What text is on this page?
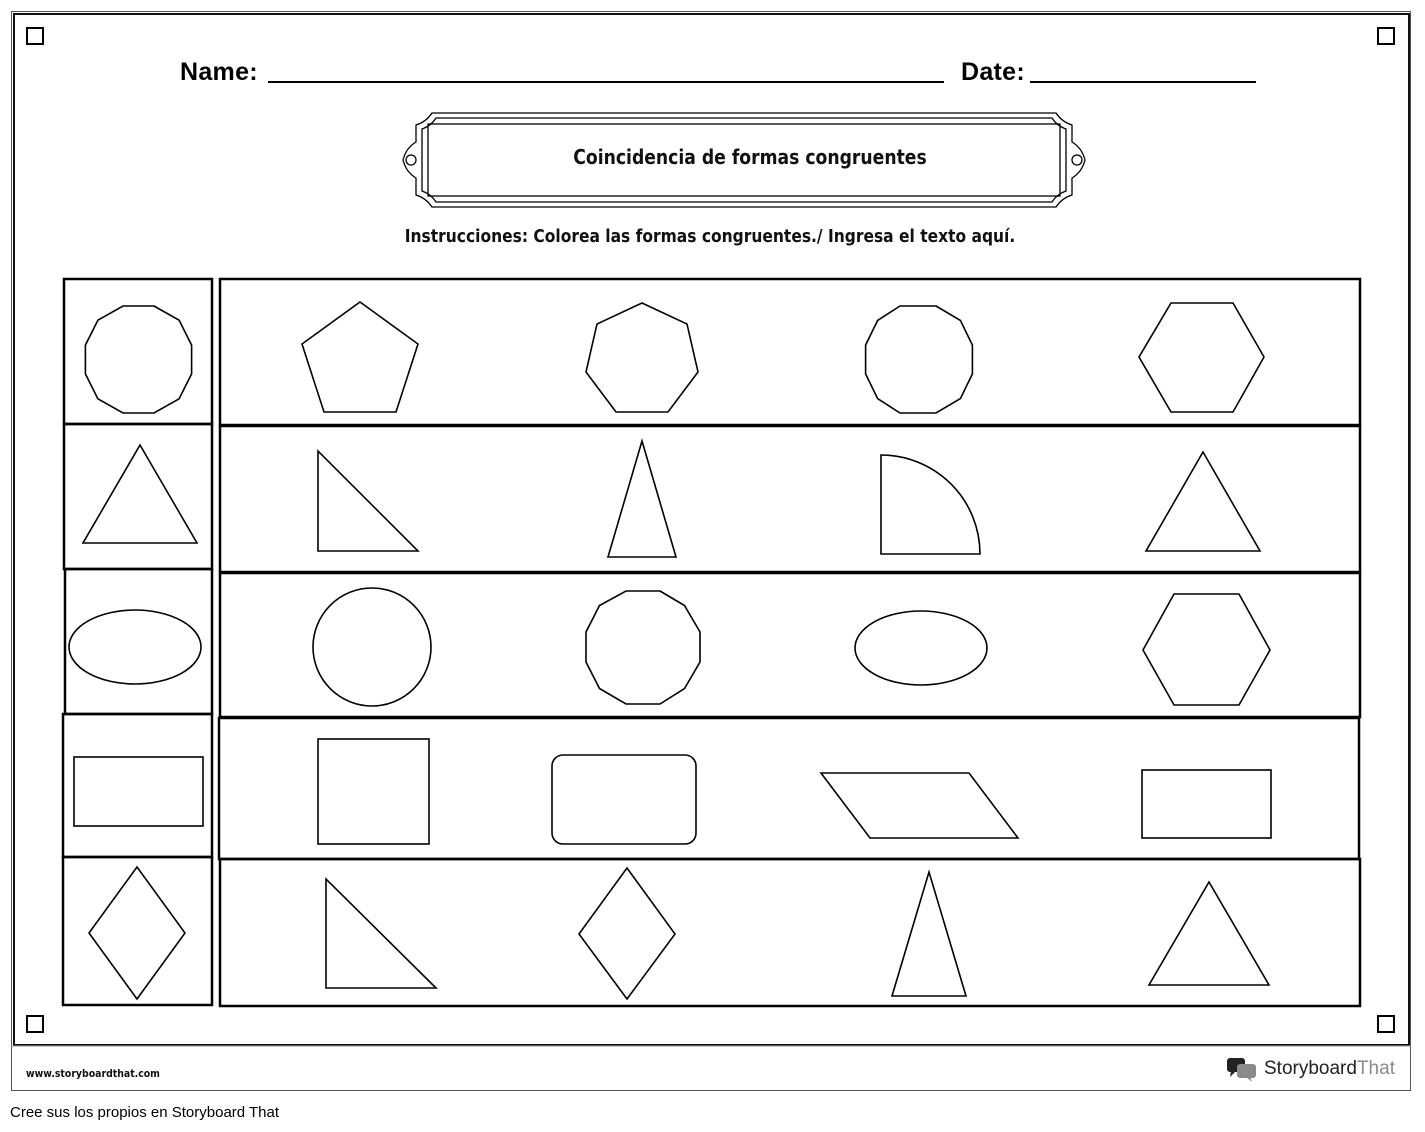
Name:	Date:
Coincidencia de formas congruentes
Instrucciones: Colorea las formas congruentes./ Ingresa el texto aquí.
www.storyboardthat.com	StoryboardThat
Cree sus los propios en Storyboard That
